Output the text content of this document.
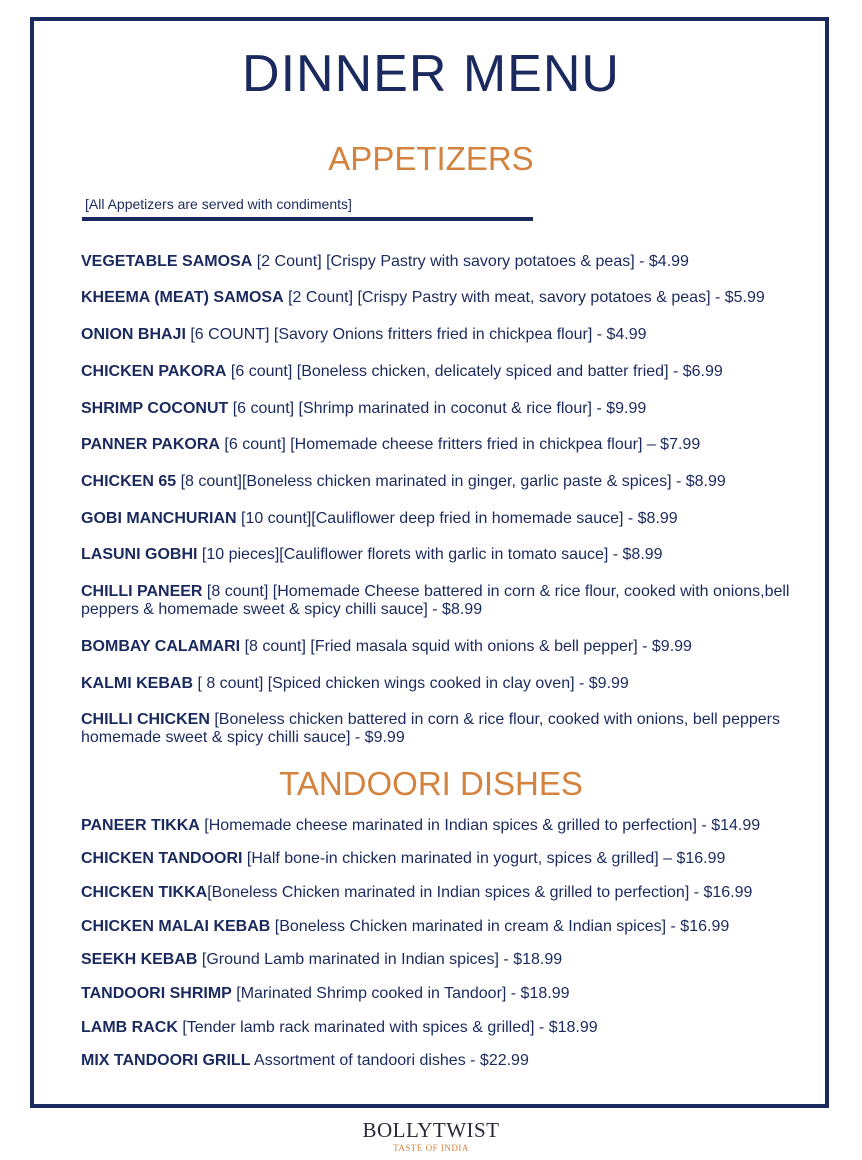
DINNER MENU
APPETIZERS
[All Appetizers are served with condiments]
VEGETABLE SAMOSA [2 Count] [Crispy Pastry with savory potatoes & peas] - $4.99
KHEEMA (MEAT) SAMOSA [2 Count] [Crispy Pastry with meat, savory potatoes & peas] - $5.99
ONION BHAJI [6 COUNT] [Savory Onions fritters fried in chickpea flour] - $4.99
CHICKEN PAKORA [6 count] [Boneless chicken, delicately spiced and batter fried] - $6.99
SHRIMP COCONUT [6 count] [Shrimp marinated in coconut & rice flour] - $9.99
PANNER PAKORA [6 count] [Homemade cheese fritters fried in chickpea flour] – $7.99
CHICKEN 65 [8 count][Boneless chicken marinated in ginger, garlic paste & spices] - $8.99
GOBI MANCHURIAN [10 count][Cauliflower deep fried in homemade sauce] - $8.99
LASUNI GOBHI [10 pieces][Cauliflower florets with garlic in tomato sauce] - $8.99
CHILLI PANEER [8 count] [Homemade Cheese battered in corn & rice flour, cooked with onions,bell peppers & homemade sweet & spicy chilli sauce] - $8.99
BOMBAY CALAMARI [8 count] [Fried masala squid with onions & bell pepper] - $9.99
KALMI KEBAB [ 8 count] [Spiced chicken wings cooked in clay oven] - $9.99
CHILLI CHICKEN [Boneless chicken battered in corn & rice flour, cooked with onions, bell peppers homemade sweet & spicy chilli sauce] - $9.99
TANDOORI DISHES
PANEER TIKKA [Homemade cheese marinated in Indian spices & grilled to perfection] - $14.99
CHICKEN TANDOORI [Half bone-in chicken marinated in yogurt, spices & grilled] – $16.99
CHICKEN TIKKA[Boneless Chicken marinated in Indian spices & grilled to perfection] - $16.99
CHICKEN MALAI KEBAB [Boneless Chicken marinated in cream & Indian spices] - $16.99
SEEKH KEBAB [Ground Lamb marinated in Indian spices] - $18.99
TANDOORI SHRIMP [Marinated Shrimp cooked in Tandoor] - $18.99
LAMB RACK [Tender lamb rack marinated with spices & grilled] - $18.99
MIX TANDOORI GRILL Assortment of tandoori dishes - $22.99
BOLLYTWIST
TASTE OF INDIA
